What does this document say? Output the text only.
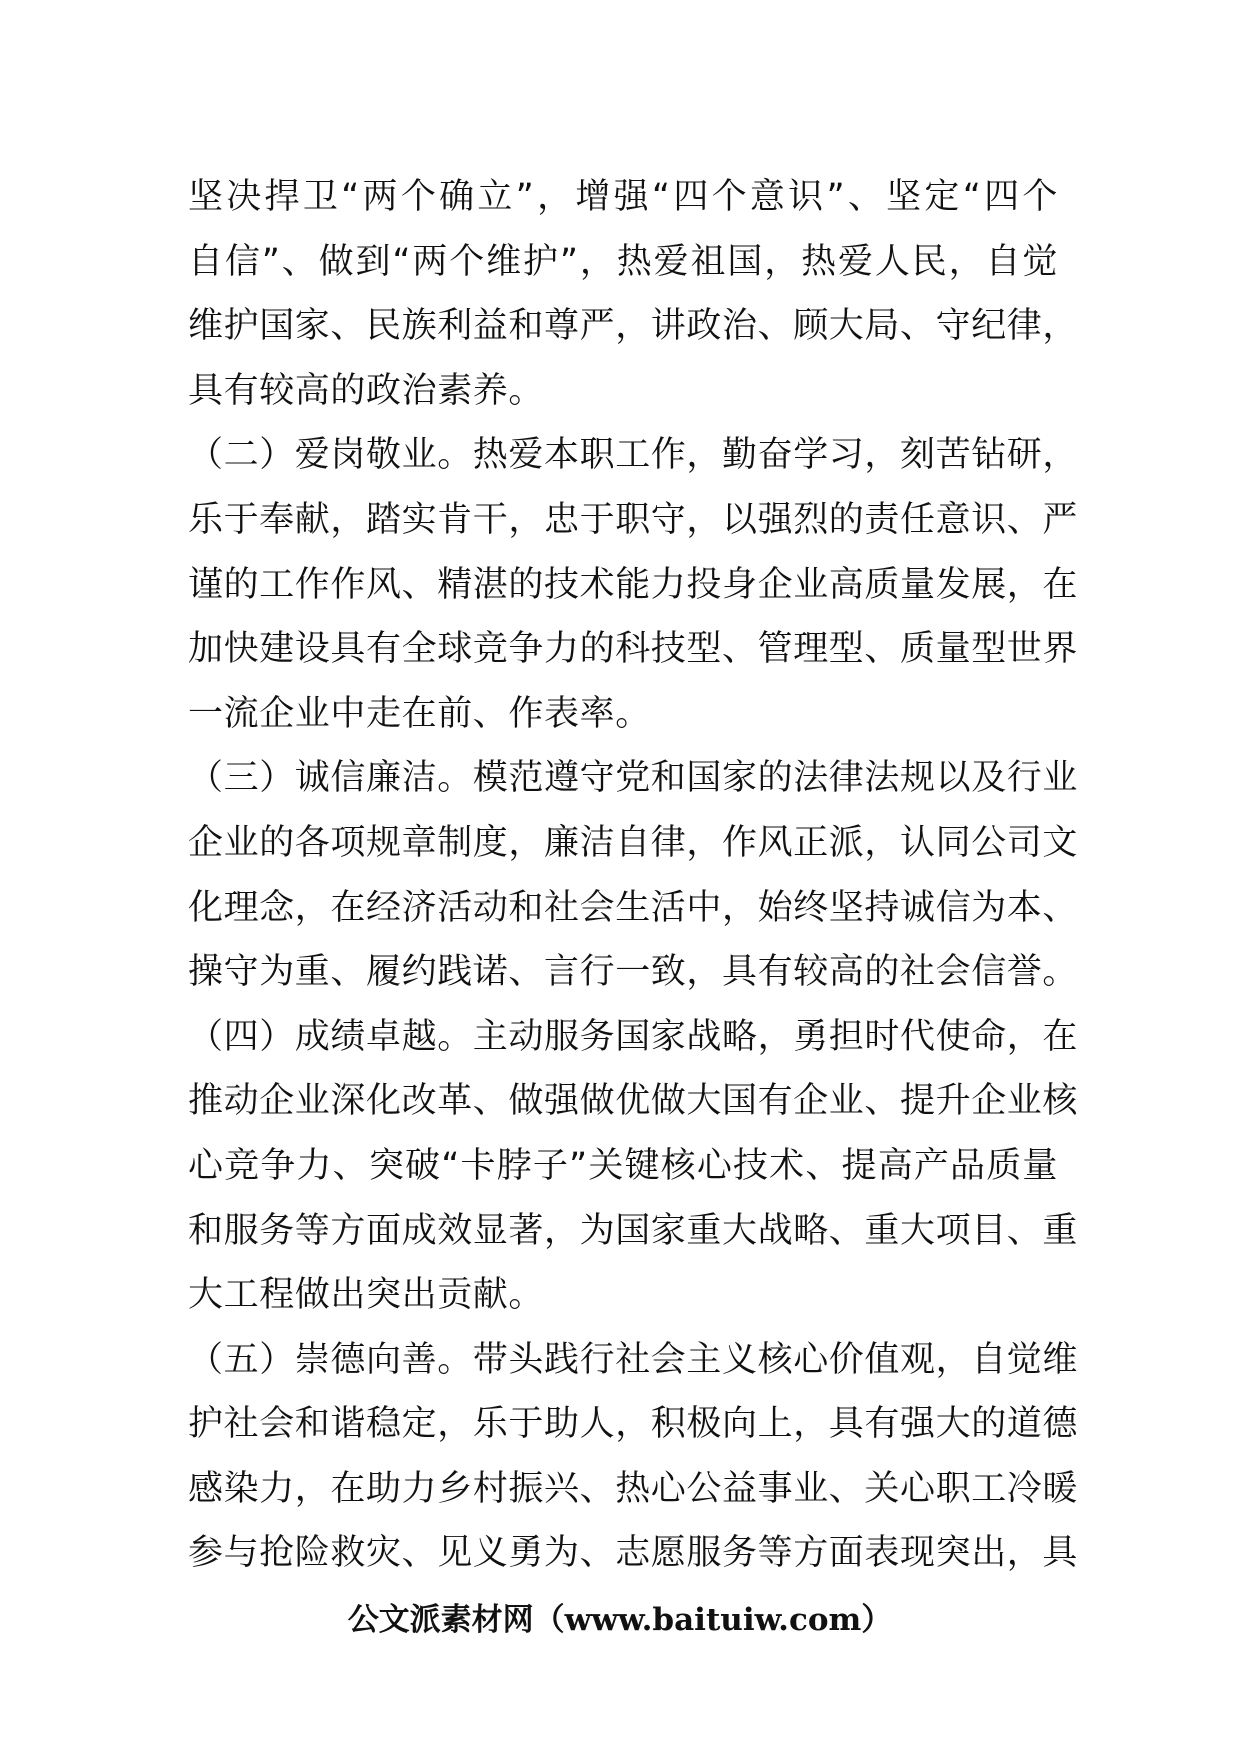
坚决捍卫“两个确立”，增强“四个意识”、坚定“四个
自信”、做到“两个维护”，热爱祖国，热爱人民，自觉
维护国家、民族利益和尊严，讲政治、顾大局、守纪律，
具有较高的政治素养。
（二）爱岗敬业。热爱本职工作，勤奋学习，刻苦钻研，
乐于奉献，踏实肯干，忠于职守，以强烈的责任意识、严
谨的工作作风、精湛的技术能力投身企业高质量发展，在
加快建设具有全球竞争力的科技型、管理型、质量型世界
一流企业中走在前、作表率。
（三）诚信廉洁。模范遵守党和国家的法律法规以及行业
企业的各项规章制度，廉洁自律，作风正派，认同公司文
化理念，在经济活动和社会生活中，始终坚持诚信为本、
操守为重、履约践诺、言行一致，具有较高的社会信誉。
（四）成绩卓越。主动服务国家战略，勇担时代使命，在
推动企业深化改革、做强做优做大国有企业、提升企业核
心竞争力、突破“卡脖子”关键核心技术、提高产品质量
和服务等方面成效显著，为国家重大战略、重大项目、重
大工程做出突出贡献。
（五）崇德向善。带头践行社会主义核心价值观，自觉维
护社会和谐稳定，乐于助人，积极向上，具有强大的道德
感染力，在助力乡村振兴、热心公益事业、关心职工冷暖
参与抢险救灾、见义勇为、志愿服务等方面表现突出，具
公文派素材网（www.baituiw.com）
